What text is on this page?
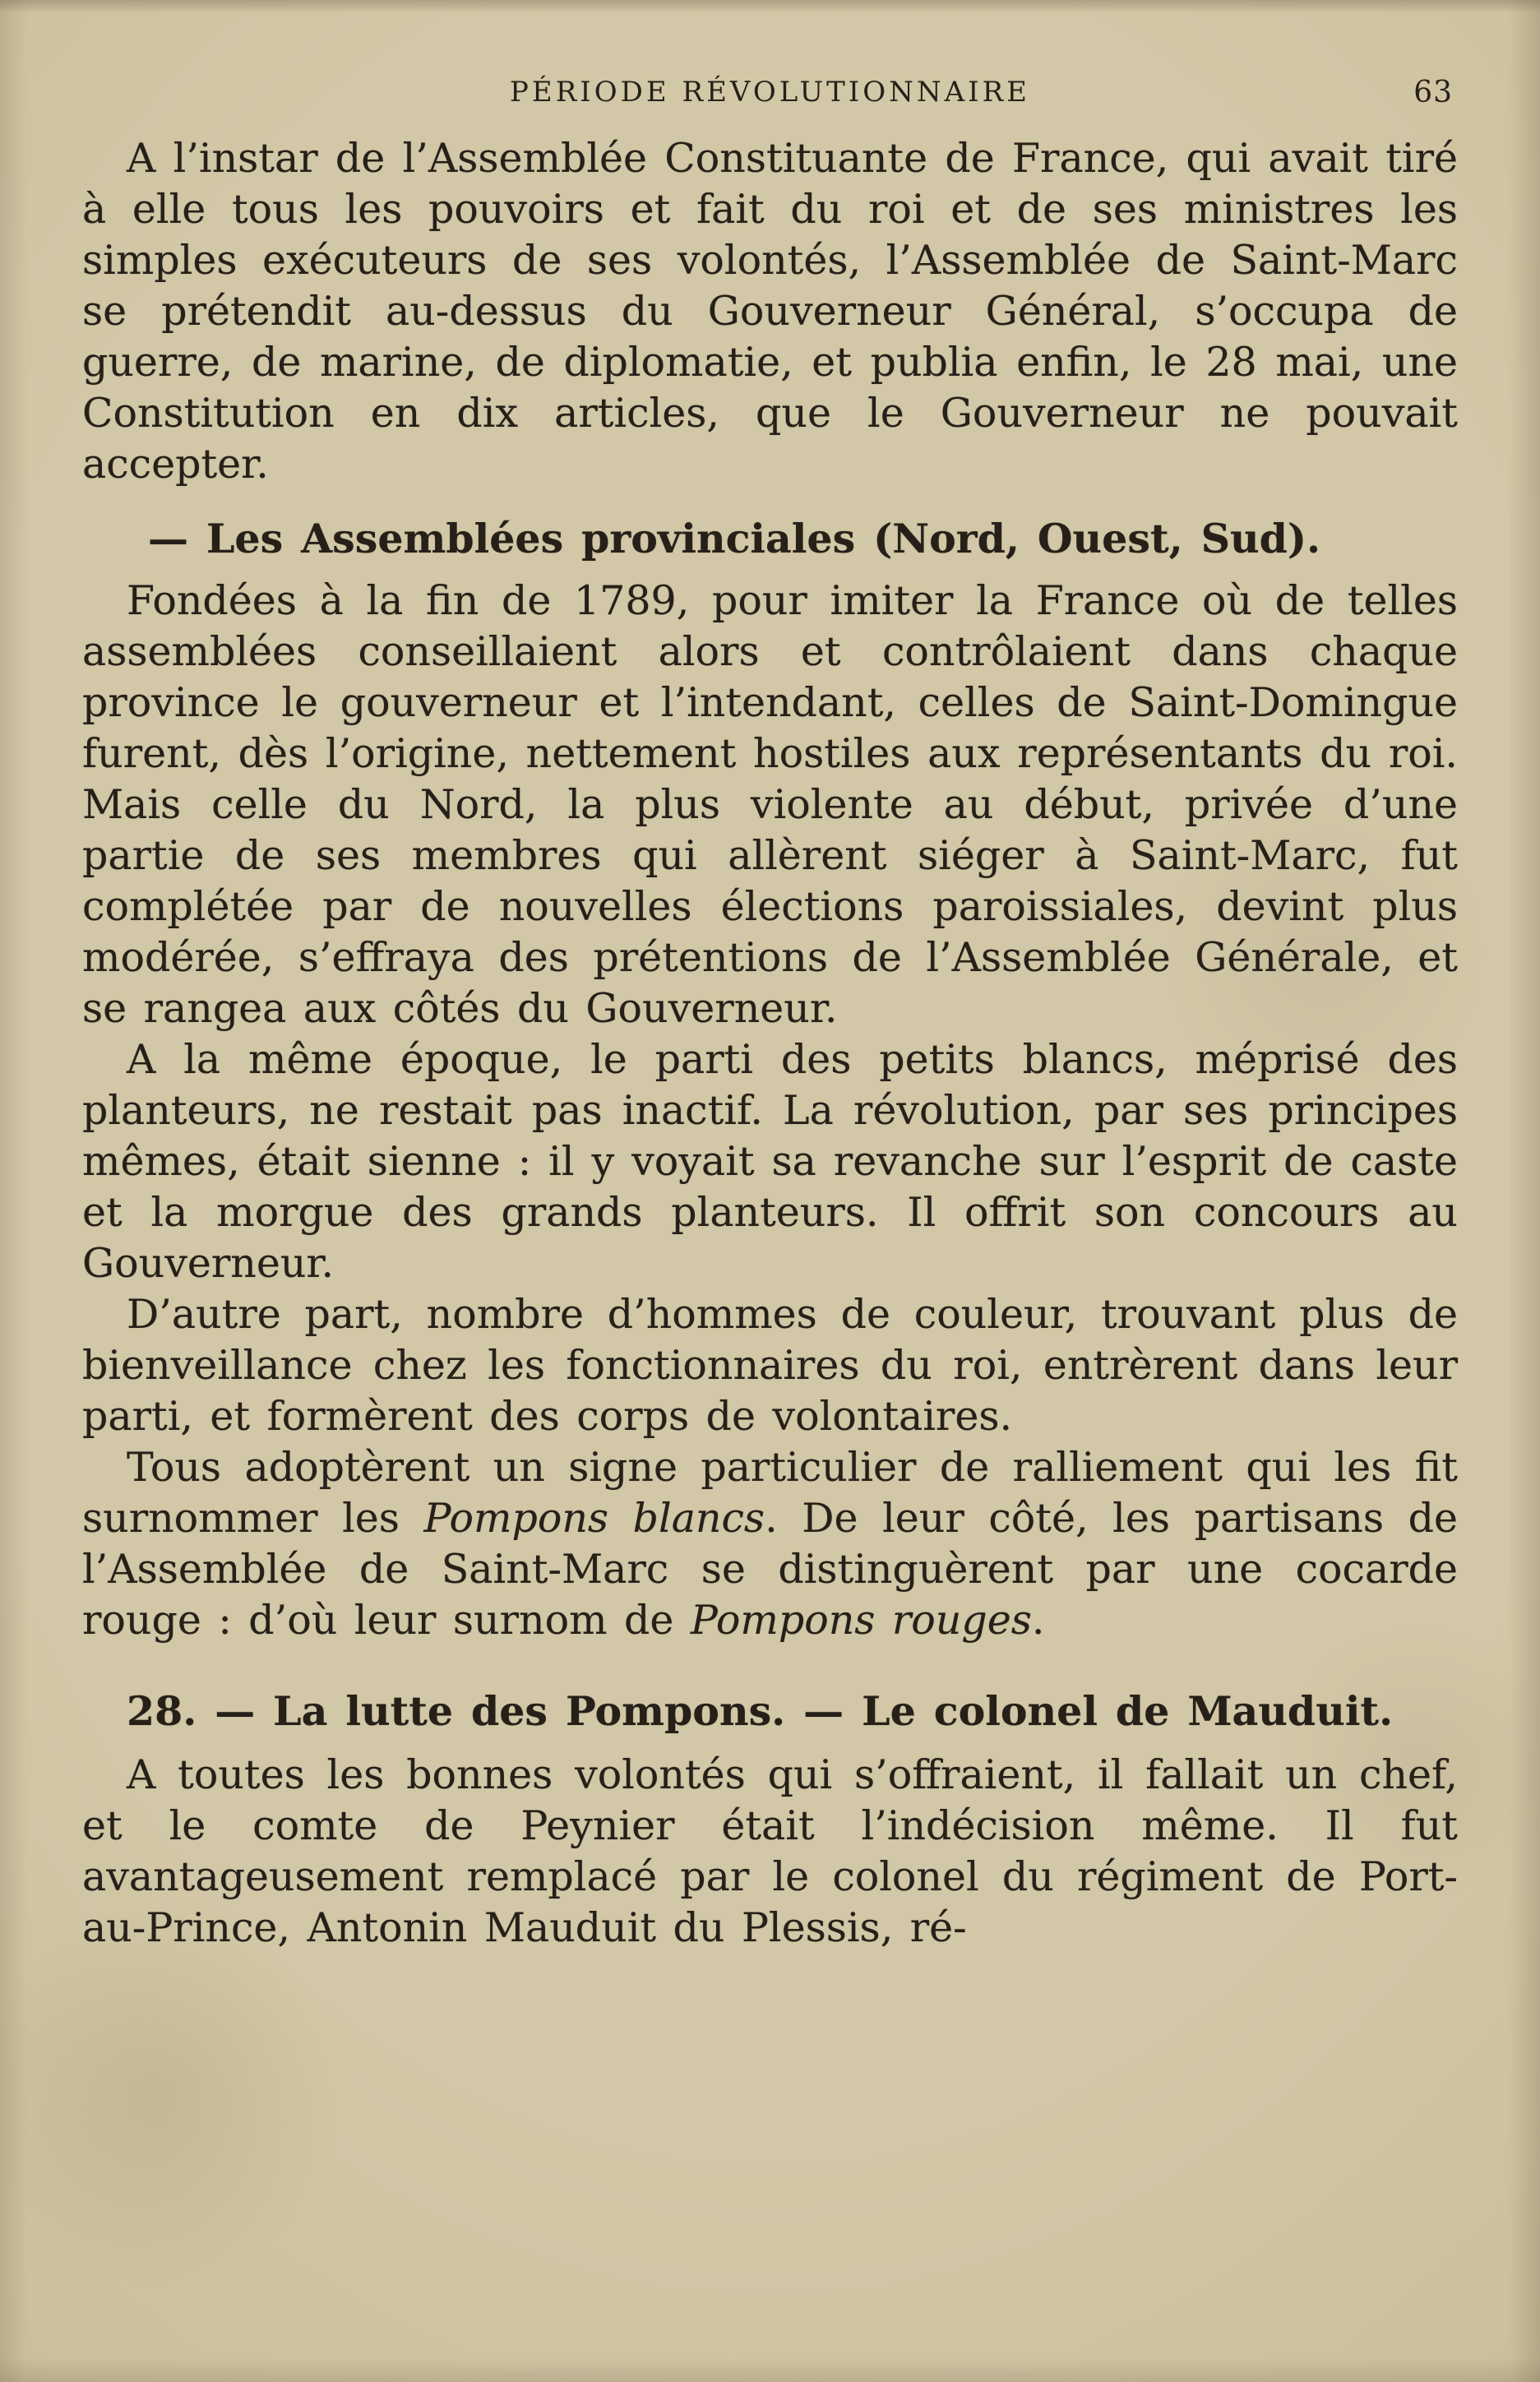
PÉRIODE RÉVOLUTIONNAIRE	63

A l’instar de l’Assemblée Constituante de France, qui avait tiré à elle tous les pouvoirs et fait du roi et de ses ministres les simples exécuteurs de ses volontés, l’Assemblée de Saint-Marc se prétendit au-dessus du Gouverneur Général, s’occupa de guerre, de marine, de diplomatie, et publia enfin, le 28 mai, une Constitution en dix articles, que le Gouverneur ne pouvait accepter.

— Les Assemblées provinciales (Nord, Ouest, Sud).

Fondées à la fin de 1789, pour imiter la France où de telles assemblées conseillaient alors et contrôlaient dans chaque province le gouverneur et l’intendant, celles de Saint-Domingue furent, dès l’origine, nettement hostiles aux représentants du roi. Mais celle du Nord, la plus violente au début, privée d’une partie de ses membres qui allèrent siéger à Saint-Marc, fut complétée par de nouvelles élections paroissiales, devint plus modérée, s’effraya des prétentions de l’Assemblée Générale, et se rangea aux côtés du Gouverneur.

A la même époque, le parti des petits blancs, méprisé des planteurs, ne restait pas inactif. La révolution, par ses principes mêmes, était sienne : il y voyait sa revanche sur l’esprit de caste et la morgue des grands planteurs. Il offrit son concours au Gouverneur.

D’autre part, nombre d’hommes de couleur, trouvant plus de bienveillance chez les fonctionnaires du roi, entrèrent dans leur parti, et formèrent des corps de volontaires.

Tous adoptèrent un signe particulier de ralliement qui les fit surnommer les Pompons blancs. De leur côté, les partisans de l’Assemblée de Saint-Marc se distinguèrent par une cocarde rouge : d’où leur surnom de Pompons rouges.

28. — La lutte des Pompons. — Le colonel de Mauduit.

A toutes les bonnes volontés qui s’offraient, il fallait un chef, et le comte de Peynier était l’indécision même. Il fut avantageusement remplacé par le colonel du régiment de Port-au-Prince, Antonin Mauduit du Plessis, ré-
